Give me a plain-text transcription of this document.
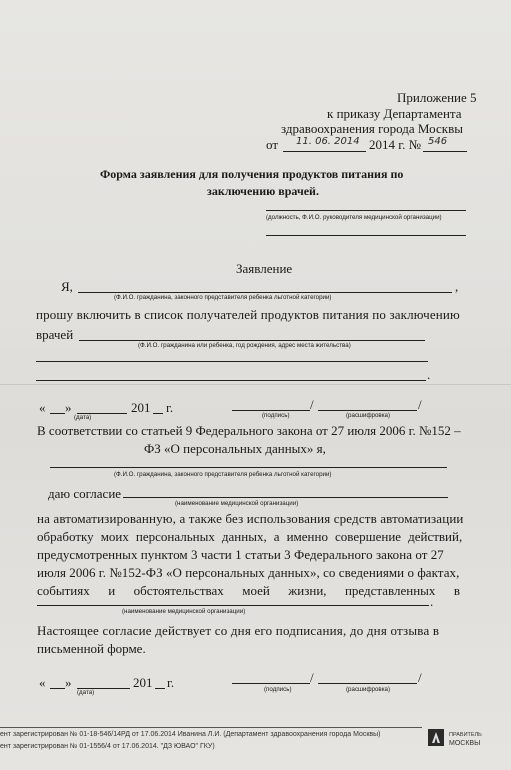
Приложение 5
к приказу Департамента
здравоохранения города Москвы
от 11. 06. 2014 2014 г. № 546
Форма заявления для получения продуктов питания по
заключению врачей.
(должность, Ф.И.О. руководителя медицинской организации)
Заявление
Я,	,
(Ф.И.О. гражданина, законного представителя ребенка льготной категории)
прошу включить в список получателей продуктов питания по заключению
врачей
(Ф.И.О. гражданина или ребенка, год рождения, адрес места жительства)
.
« »	201 г.
(дата)
/	/
(подпись)	(расшифровка)
В соответствии со статьей 9 Федерального закона от 27 июля 2006 г. №152 –
ФЗ «О персональных данных» я,
(Ф.И.О. гражданина, законного представителя ребенка льготной категории)
даю согласие
(наименование медицинской организации)
на автоматизированную, а также без использования средств автоматизации
обработку моих персональных данных, а именно совершение действий,
предусмотренных пунктом 3 части 1 статьи 3 Федерального закона от 27
июля 2006 г. №152-ФЗ «О персональных данных», со сведениями о фактах,
событиях и обстоятельствах моей жизни, представленных в
.
(наименование медицинской организации)
Настоящее согласие действует со дня его подписания, до дня отзыва в
письменной форме.
« »	201 г.
(дата)
/	/
(подпись)	(расшифровка)
ент зарегистрирован № 01-18-546/14РД от 17.06.2014 Иванина Л.И. (Департамент здравоохранения города Москвы)
ент зарегистрирован № 01-1556/4 от 17.06.2014. "ДЗ ЮВАО" ГКУ)
ПРАВИТЕЛЬ
МОСКВЫ
